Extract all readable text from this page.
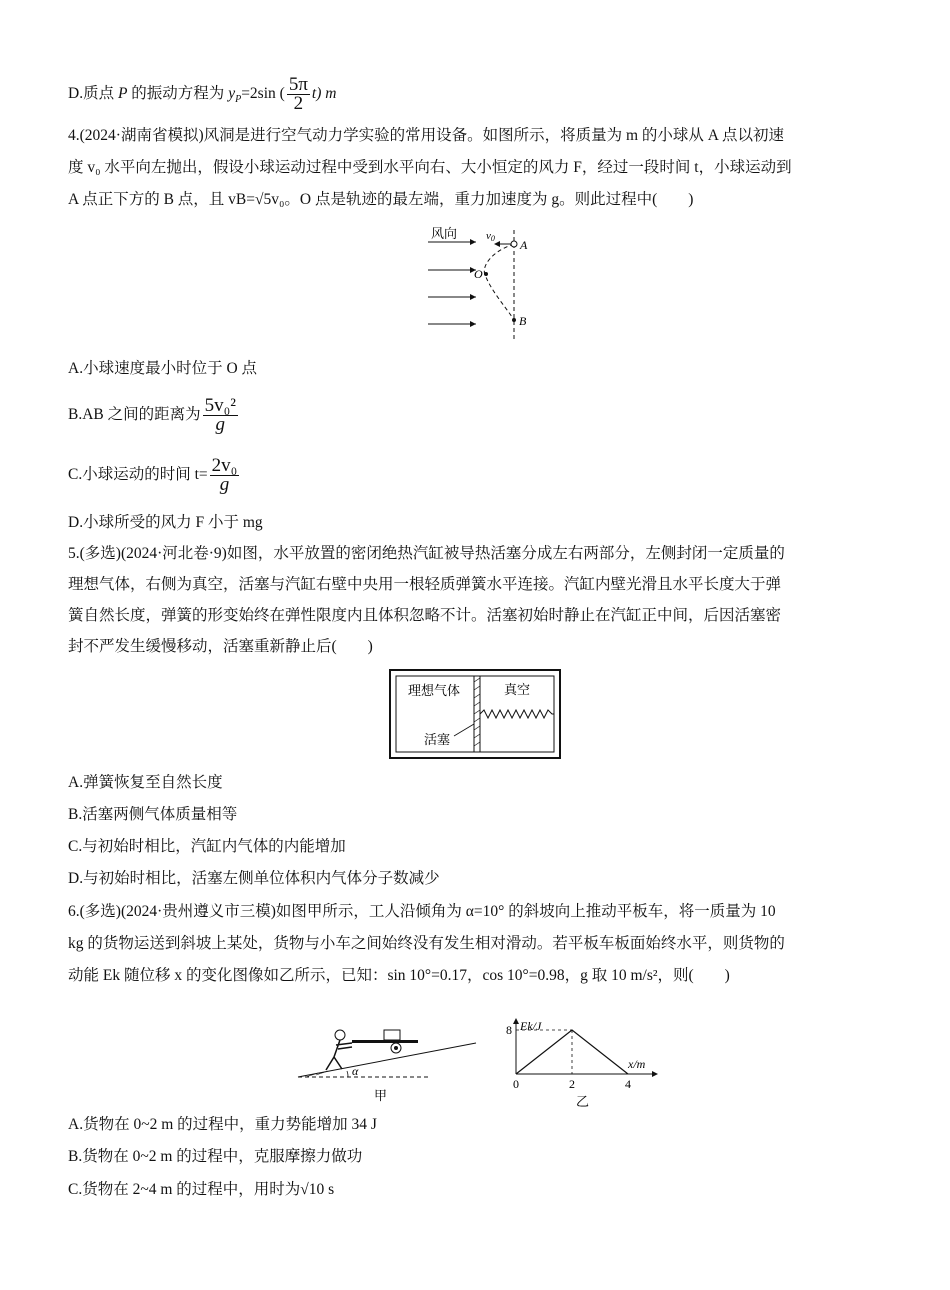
D.质点 P 的振动方程为 $y_P=2\sin$ ( $\frac{5\pi}{2} t$) m
4.(2024·湖南省模拟)风洞是进行空气动力学实验的常用设备。如图所示，将质量为 m 的小球从 A 点以初速
度 v₀ 水平向左抛出，假设小球运动过程中受到水平向右、大小恒定的风力 F，经过一段时间 t，小球运动到
A 点正下方的 B 点，且 vB=√5v₀。O 点是轨迹的最左端，重力加速度为 g。则此过程中(　　)
风向	v0 A
O
B
A.小球速度最小时位于 O 点
B.AB 之间的距离为 $\frac{\text{5v₀²}}{g}$
C.小球运动的时间 $t= \frac{\text{2v₀}}{g}$
D.小球所受的风力 F 小于 mg
5.(多选)(2024·河北卷·9)如图，水平放置的密闭绝热汽缸被导热活塞分成左右两部分，左侧封闭一定质量的
理想气体，右侧为真空，活塞与汽缸右壁中央用一根轻质弹簧水平连接。汽缸内壁光滑且水平长度大于弹
簧自然长度，弹簧的形变始终在弹性限度内且体积忽略不计。活塞初始时静止在汽缸正中间，后因活塞密
封不严发生缓慢移动，活塞重新静止后(　　)
理想气体	真空
活塞
A.弹簧恢复至自然长度
B.活塞两侧气体质量相等
C.与初始时相比，汽缸内气体的内能增加
D.与初始时相比，活塞左侧单位体积内气体分子数减少
6.(多选)(2024·贵州遵义市三模)如图甲所示，工人沿倾角为 α=10° 的斜坡向上推动平板车，将一质量为 10
kg 的货物运送到斜坡上某处，货物与小车之间始终没有发生相对滑动。若平板车板面始终水平，则货物的
动能 Ek 随位移 x 的变化图像如乙所示，已知：sin 10°=0.17，cos 10°=0.98，g 取 10 m/s²，则(　　)
α
甲
Ek/J
x/m
8
0	2	4
乙
A.货物在 0~2 m 的过程中，重力势能增加 34 J
B.货物在 0~2 m 的过程中，克服摩擦力做功
C.货物在 2~4 m 的过程中，用时为√10 s
